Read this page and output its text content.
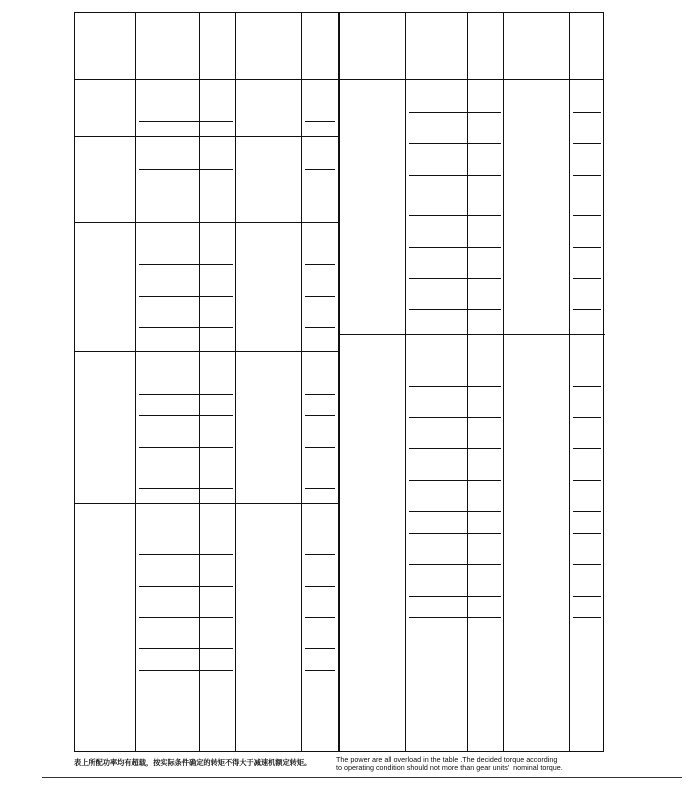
表上所配功率均有超载，按实际条件确定的转矩不得大于减速机额定转矩。	The power are all overload in the table .The decided torque according
to operating condition should not more than gear units'  nominal torque.
